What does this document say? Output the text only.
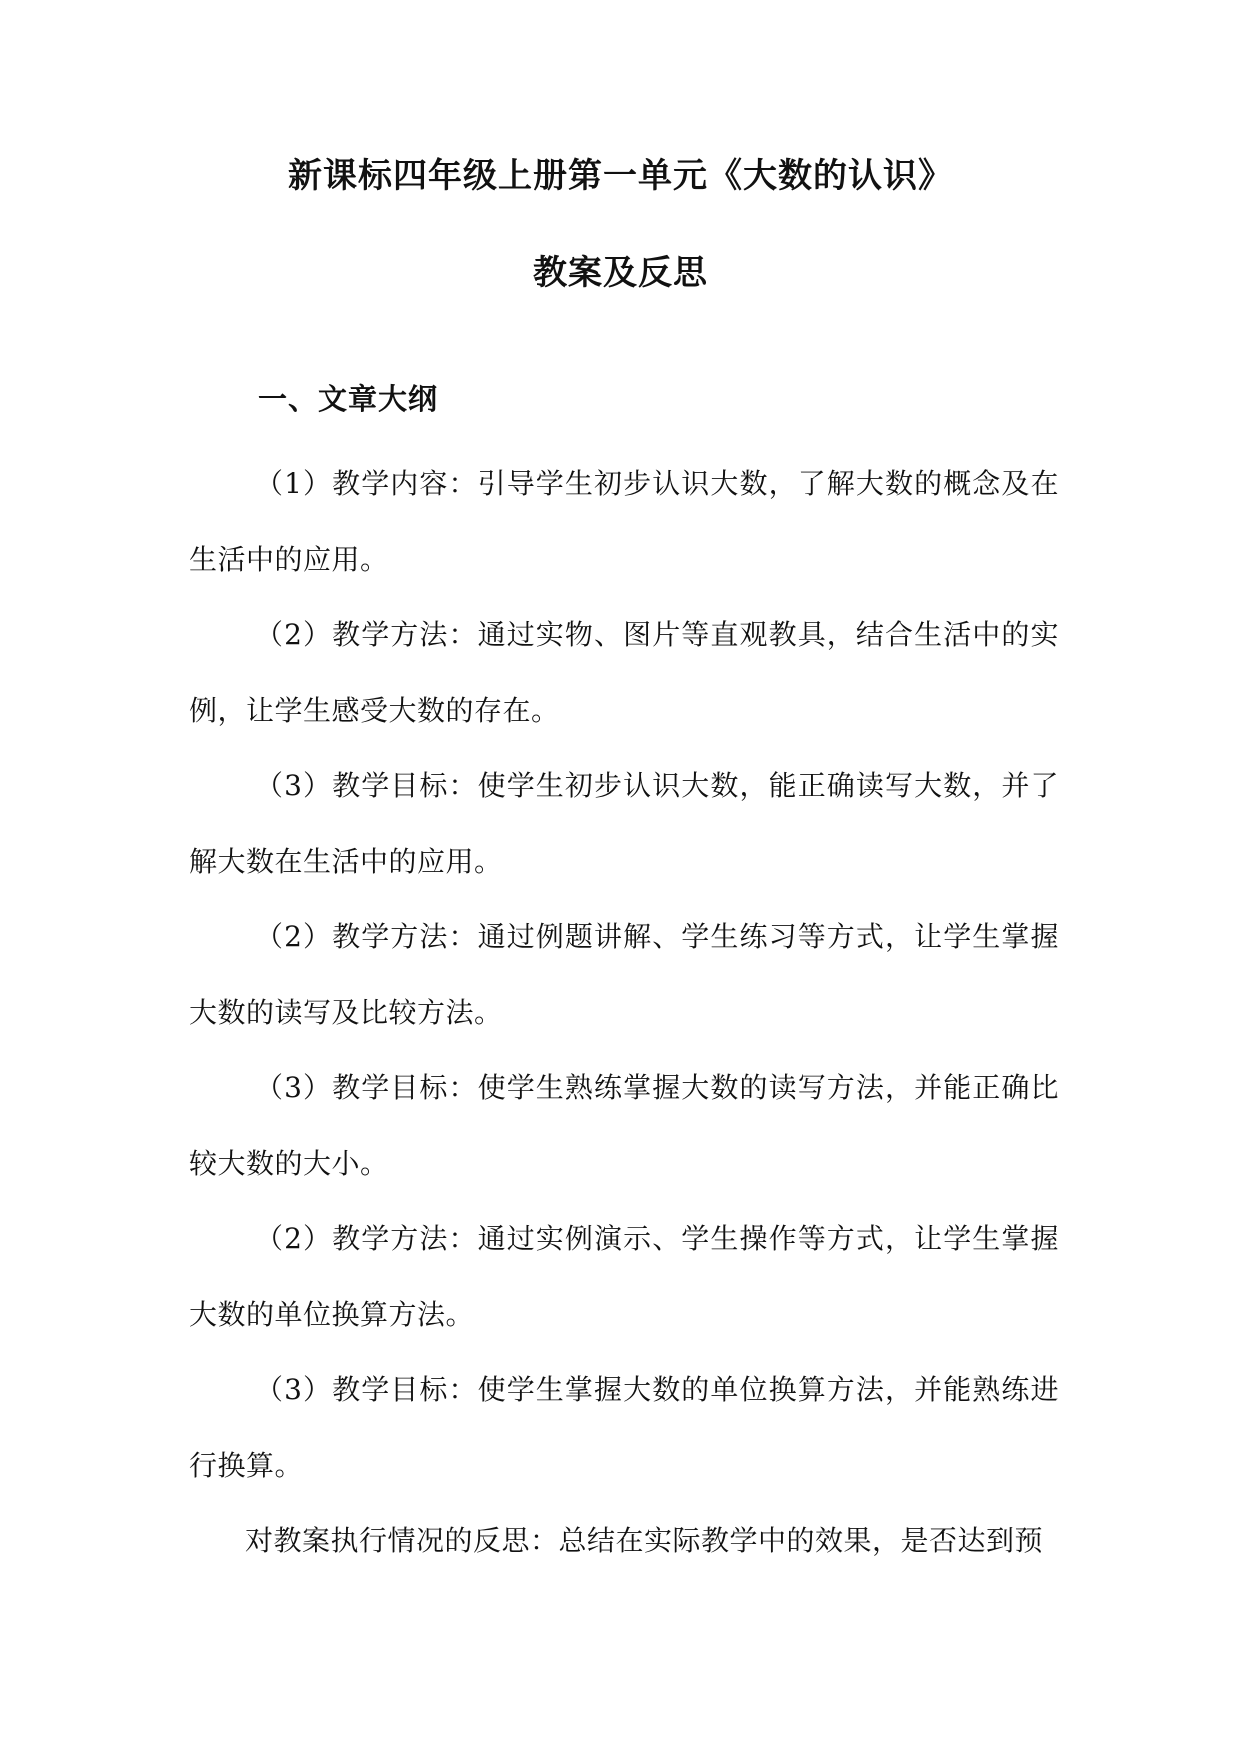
新课标四年级上册第一单元《大数的认识》
教案及反思
一、文章大纲

（1）教学内容：引导学生初步认识大数，了解大数的概念及在生活中的应用。

（2）教学方法：通过实物、图片等直观教具，结合生活中的实例，让学生感受大数的存在。

（3）教学目标：使学生初步认识大数，能正确读写大数，并了解大数在生活中的应用。

（2）教学方法：通过例题讲解、学生练习等方式，让学生掌握大数的读写及比较方法。

（3）教学目标：使学生熟练掌握大数的读写方法，并能正确比较大数的大小。

（2）教学方法：通过实例演示、学生操作等方式，让学生掌握大数的单位换算方法。

（3）教学目标：使学生掌握大数的单位换算方法，并能熟练进行换算。

对教案执行情况的反思：总结在实际教学中的效果，是否达到预
